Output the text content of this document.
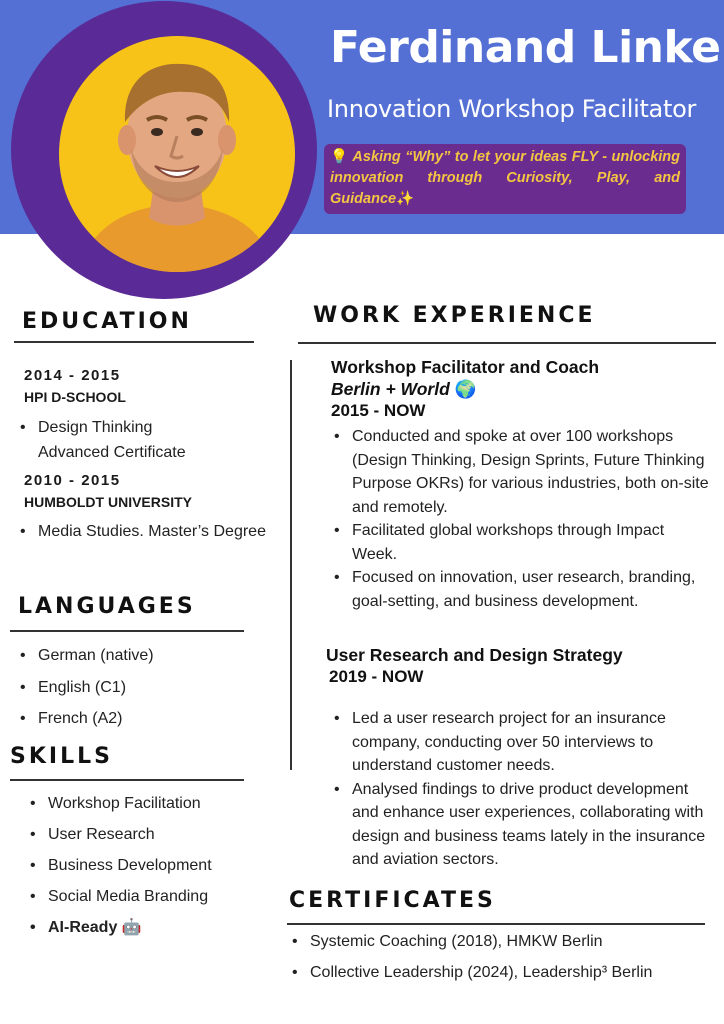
Ferdinand Linke
Innovation Workshop Facilitator
💡 Asking “Why” to let your ideas FLY - unlocking innovation through Curiosity, Play, and Guidance✨
EDUCATION
2014 - 2015
HPI D-SCHOOL
• Design Thinking
Advanced Certificate
2010 - 2015
HUMBOLDT UNIVERSITY
• Media Studies. Master’s Degree
LANGUAGES
• German (native)
• English (C1)
• French (A2)
SKILLS
• Workshop Facilitation
• User Research
• Business Development
• Social Media Branding
• AI-Ready 🤖
WORK EXPERIENCE
Workshop Facilitator and Coach
Berlin + World 🌍
2015 - NOW
• Conducted and spoke at over 100 workshops (Design Thinking, Design Sprints, Future Thinking Purpose OKRs) for various industries, both on-site and remotely.
• Facilitated global workshops through Impact Week.
• Focused on innovation, user research, branding, goal-setting, and business development.
User Research and Design Strategy
2019 - NOW
• Led a user research project for an insurance company, conducting over 50 interviews to understand customer needs.
• Analysed findings to drive product development and enhance user experiences, collaborating with design and business teams lately in the insurance and aviation sectors.
CERTIFICATES
• Systemic Coaching (2018), HMKW Berlin
• Collective Leadership (2024), Leadership³ Berlin
